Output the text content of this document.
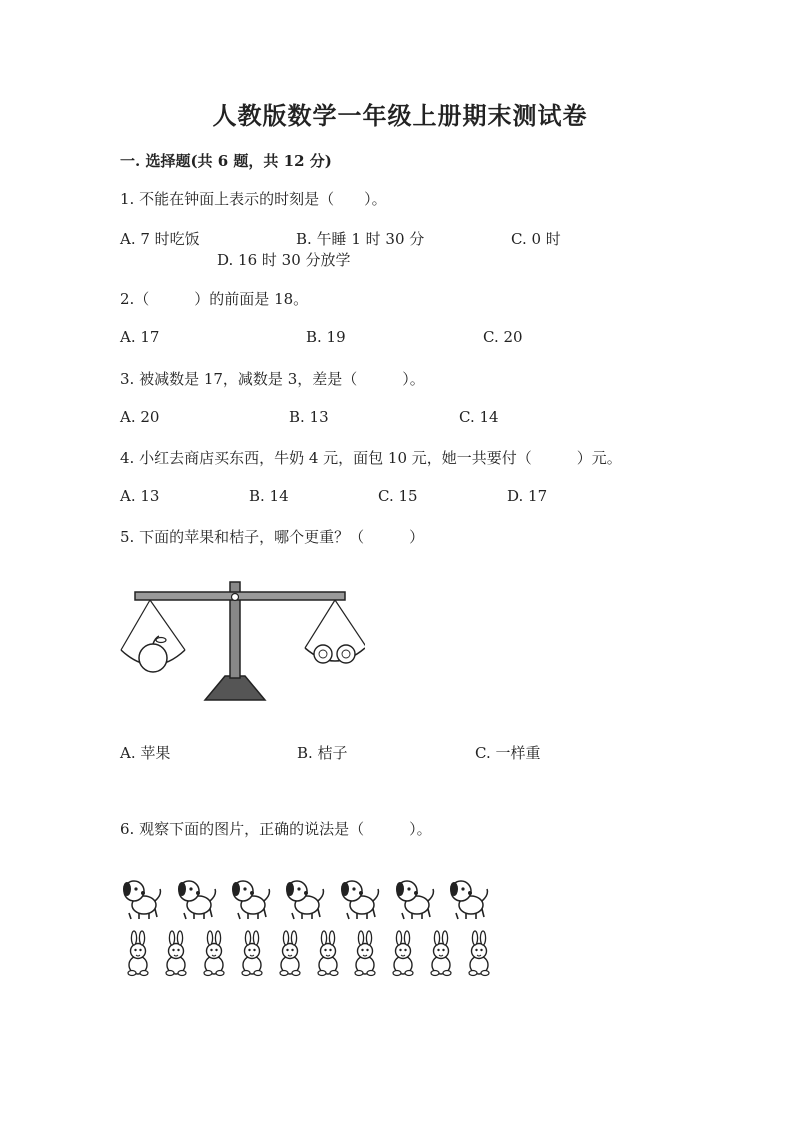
人教版数学一年级上册期末测试卷
一. 选择题(共 6 题，共 12 分)
1. 不能在钟面上表示的时刻是（　　）。
A. 7 时吃饭	B. 午睡 1 时 30 分	C. 0 时
D. 16 时 30 分放学
2.（　　　）的前面是 18。
A. 17	B. 19	C. 20
3. 被减数是 17，减数是 3，差是（　　　）。
A. 20	B. 13	C. 14
4. 小红去商店买东西，牛奶 4 元，面包 10 元，她一共要付（　　　）元。
A. 13	B. 14	C. 15	D. 17
5. 下面的苹果和桔子，哪个更重？（　　　）
A. 苹果	B. 桔子	C. 一样重
6. 观察下面的图片，正确的说法是（　　　）。
